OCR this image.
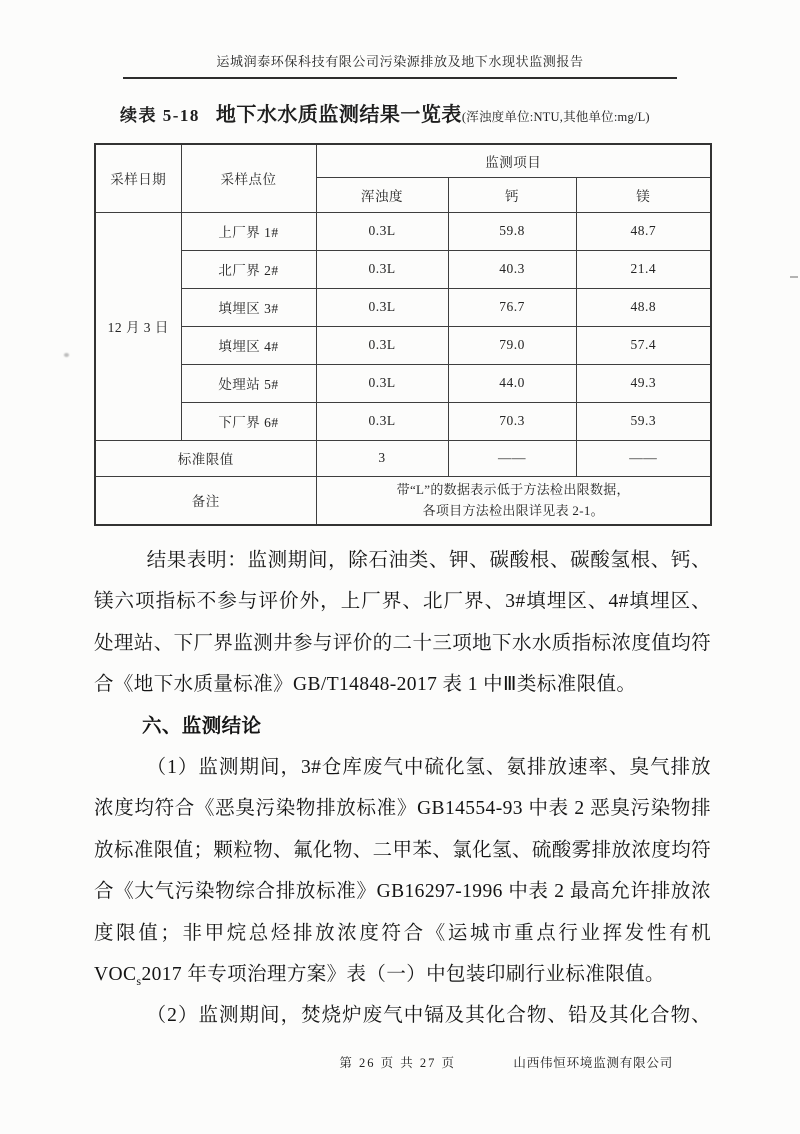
运城润泰环保科技有限公司污染源排放及地下水现状监测报告
续表 5-18 地下水水质监测结果一览表(浑浊度单位:NTU,其他单位:mg/L)
采样日期	采样点位	监测项目		
		浑浊度	钙	镁
12 月 3 日	上厂界 1#	0.3L	59.8	48.7
	北厂界 2#	0.3L	40.3	21.4
	填埋区 3#	0.3L	76.7	48.8
	填埋区 4#	0.3L	79.0	57.4
	处理站 5#	0.3L	44.0	49.3
	下厂界 6#	0.3L	70.3	59.3
标准限值		3	——	——
备注		带“L”的数据表示低于方法检出限数据，
各项目方法检出限详见表 2-1。		

结果表明：监测期间，除石油类、钾、碳酸根、碳酸氢根、钙、镁六项指标不参与评价外，上厂界、北厂界、3#填埋区、4#填埋区、处理站、下厂界监测井参与评价的二十三项地下水水质指标浓度值均符合《地下水质量标准》GB/T14848-2017 表 1 中Ⅲ类标准限值。

六、监测结论

（1）监测期间，3#仓库废气中硫化氢、氨排放速率、臭气排放浓度均符合《恶臭污染物排放标准》GB14554-93 中表 2 恶臭污染物排放标准限值；颗粒物、氟化物、二甲苯、氯化氢、硫酸雾排放浓度均符合《大气污染物综合排放标准》GB16297-1996 中表 2 最高允许排放浓度限值；非甲烷总烃排放浓度符合《运城市重点行业挥发性有机 $VOC_s2017$ 年专项治理方案》表（一）中包装印刷行业标准限值。

（2）监测期间，焚烧炉废气中镉及其化合物、铅及其化合物、

第 26 页 共 27 页	山西伟恒环境监测有限公司
